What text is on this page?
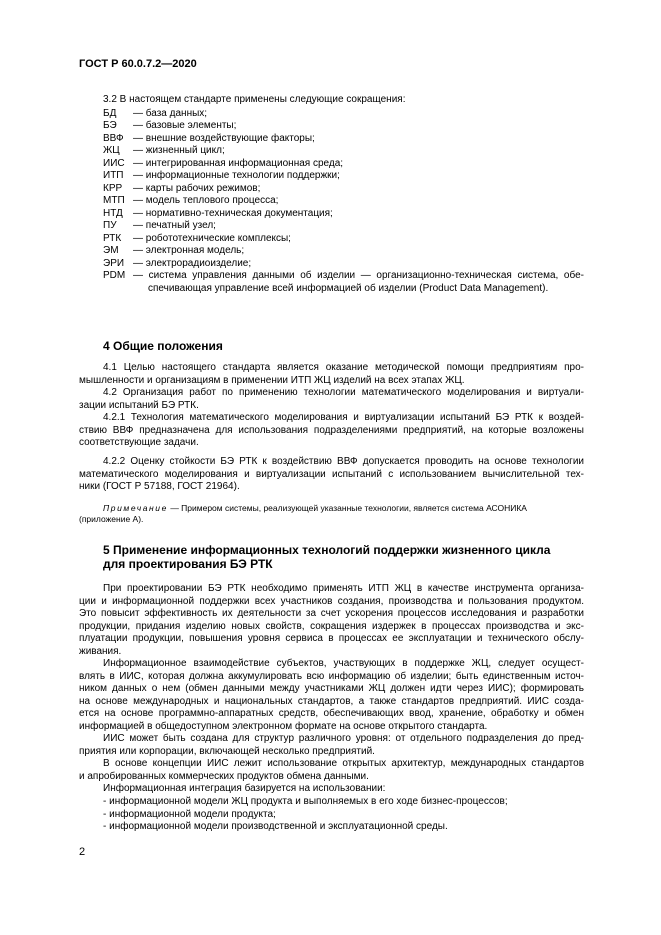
ГОСТ Р 60.0.7.2—2020
3.2 В настоящем стандарте применены следующие сокращения:
БД	— база данных;
БЭ	— базовые элементы;
ВВФ — внешние воздействующие факторы;
ЖЦ	— жизненный цикл;
ИИС — интегрированная информационная среда;
ИТП — информационные технологии поддержки;
КРР	— карты рабочих режимов;
МТП — модель теплового процесса;
НТД	— нормативно-техническая документация;
ПУ	— печатный узел;
РТК	— робототехнические комплексы;
ЭМ	— электронная модель;
ЭРИ — электрорадиоизделие;
PDM — система управления данными об изделии — организационно-техническая система, обе-
спечивающая управление всей информацией об изделии (Product Data Management).
4 Общие положения
4.1 Целью настоящего стандарта является оказание методической помощи предприятиям про-
мышленности и организациям в применении ИТП ЖЦ изделий на всех этапах ЖЦ.
4.2 Организация работ по применению технологии математического моделирования и виртуали-
зации испытаний БЭ РТК.
4.2.1 Технология математического моделирования и виртуализации испытаний БЭ РТК к воздей-
ствию ВВФ предназначена для использования подразделениями предприятий, на которые возложены
соответствующие задачи.
4.2.2 Оценку стойкости БЭ РТК к воздействию ВВФ допускается проводить на основе технологии
математического моделирования и виртуализации испытаний с использованием вычислительной тех-
ники (ГОСТ Р 57188, ГОСТ 21964).
Примечание — Примером системы, реализующей указанные технологии, является система АСОНИКА
(приложение А).
5 Применение информационных технологий поддержки жизненного цикла
для проектирования БЭ РТК
При проектировании БЭ РТК необходимо применять ИТП ЖЦ в качестве инструмента организа-
ции и информационной поддержки всех участников создания, производства и пользования продуктом.
Это повысит эффективность их деятельности за счет ускорения процессов исследования и разработки
продукции, придания изделию новых свойств, сокращения издержек в процессах производства и экс-
плуатации продукции, повышения уровня сервиса в процессах ее эксплуатации и технического обслу-
живания.
Информационное взаимодействие субъектов, участвующих в поддержке ЖЦ, следует осущест-
влять в ИИС, которая должна аккумулировать всю информацию об изделии; быть единственным источ-
ником данных о нем (обмен данными между участниками ЖЦ должен идти через ИИС); формировать
на основе международных и национальных стандартов, а также стандартов предприятий. ИИС созда-
ется на основе программно-аппаратных средств, обеспечивающих ввод, хранение, обработку и обмен
информацией в общедоступном электронном формате на основе открытого стандарта.
ИИС может быть создана для структур различного уровня: от отдельного подразделения до пред-
приятия или корпорации, включающей несколько предприятий.
В основе концепции ИИС лежит использование открытых архитектур, международных стандартов
и апробированных коммерческих продуктов обмена данными.
Информационная интеграция базируется на использовании:
- информационной модели ЖЦ продукта и выполняемых в его ходе бизнес-процессов;
- информационной модели продукта;
- информационной модели производственной и эксплуатационной среды.
2
